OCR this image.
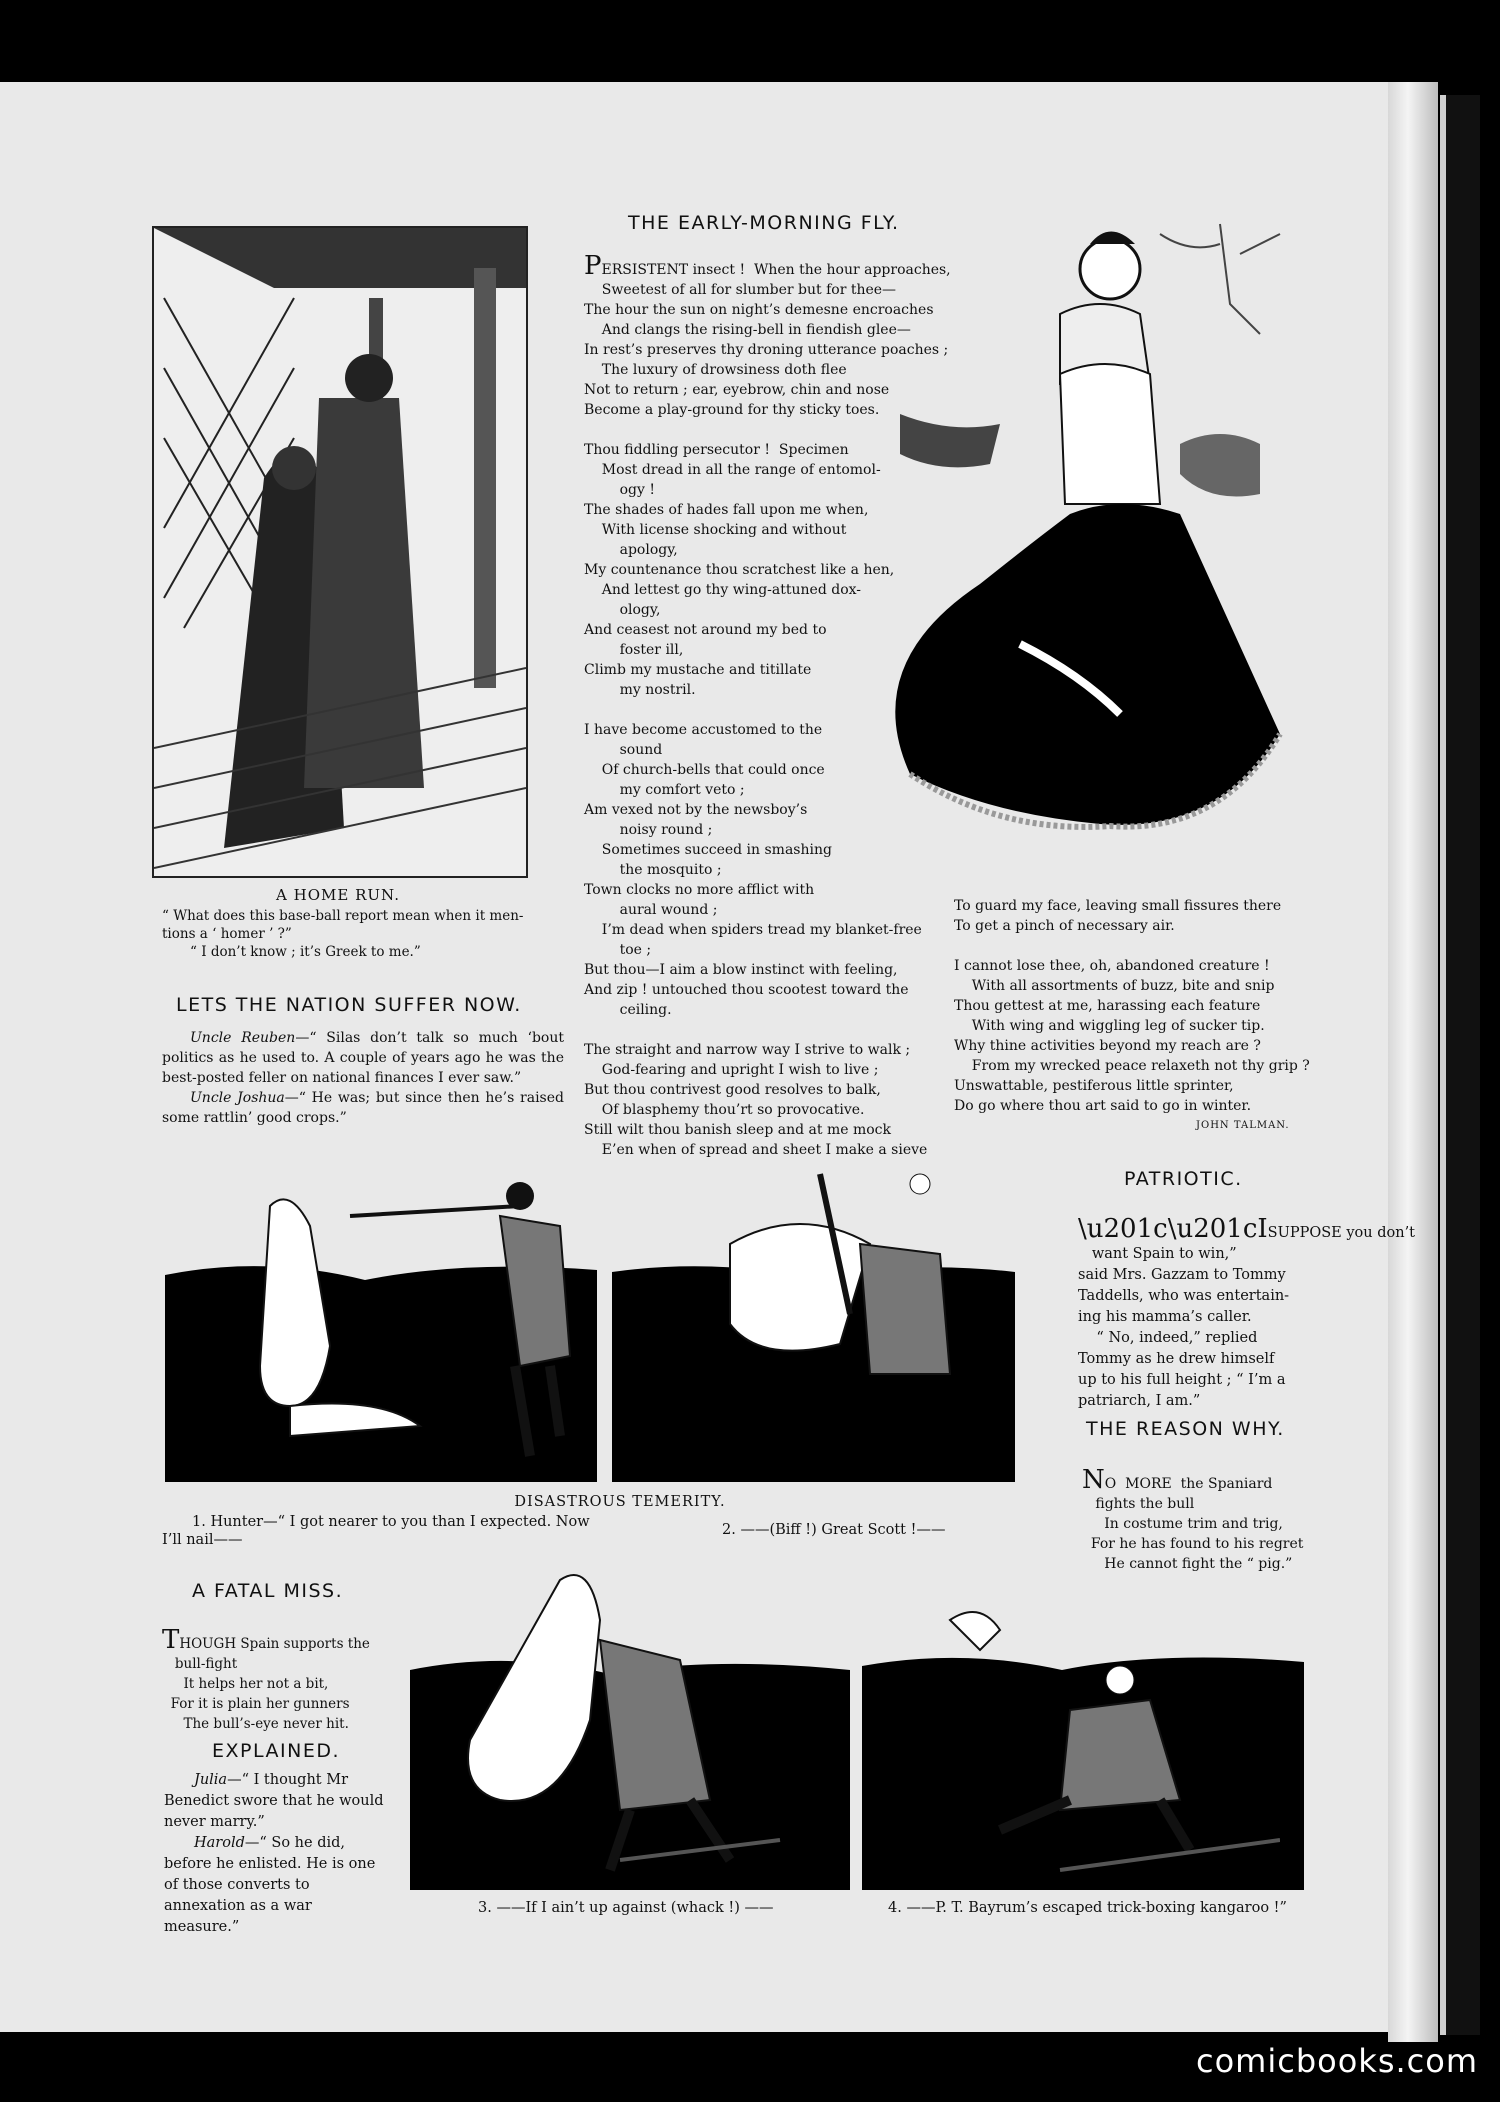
A HOME RUN.
“ What does this base-ball report mean when it men-
tions a ‘ homer ’ ?”
“ I don’t know ; it’s Greek to me.”
LETS THE NATION SUFFER NOW.
Uncle Reuben—“ Silas don’t talk so much ‘bout politics as he used to. A couple of years ago he was the best-posted feller on national finances I ever saw.”
Uncle Joshua—“ He was; but since then he’s raised some rattlin’ good crops.”
THE EARLY-MORNING FLY.

PERSISTENT insect !  When the hour approaches,
Sweetest of all for slumber but for thee—
The hour the sun on night’s demesne encroaches
And clangs the rising-bell in fiendish glee—
In rest’s preserves thy droning utterance poaches ;
The luxury of drowsiness doth flee
Not to return ; ear, eyebrow, chin and nose
Become a play-ground for thy sticky toes.

Thou fiddling persecutor !  Specimen
Most dread in all the range of entomol-
ogy !
The shades of hades fall upon me when,
With license shocking and without
apology,
My countenance thou scratchest like a hen,
And lettest go thy wing-attuned dox-
ology,
And ceasest not around my bed to
foster ill,
Climb my mustache and titillate
my nostril.

I have become accustomed to the
sound
Of church-bells that could once
my comfort veto ;
Am vexed not by the newsboy’s
noisy round ;
Sometimes succeed in smashing
the mosquito ;
Town clocks no more afflict with
aural wound ;
I’m dead when spiders tread my blanket-free
toe ;
But thou—I aim a blow instinct with feeling,
And zip ! untouched thou scootest toward the
ceiling.

The straight and narrow way I strive to walk ;
God-fearing and upright I wish to live ;
But thou contrivest good resolves to balk,
Of blasphemy thou’rt so provocative.
Still wilt thou banish sleep and at me mock
E’en when of spread and sheet I make a sieve
To guard my face, leaving small fissures there
To get a pinch of necessary air.

I cannot lose thee, oh, abandoned creature !
With all assortments of buzz, bite and snip
Thou gettest at me, harassing each feature
With wing and wiggling leg of sucker tip.
Why thine activities beyond my reach are ?
From my wrecked peace relaxeth not thy grip ?
Unswattable, pestiferous little sprinter,
Do go where thou art said to go in winter.
JOHN TALMAN.
DISASTROUS TEMERITY.
1. Hunter—“ I got nearer to you than I expected. Now
I’ll nail——
2. ——(Biff !) Great Scott !——
PATRIOTIC.

\u201c\u201cISUPPOSE you don’t
want Spain to win,”
said Mrs. Gazzam to Tommy
Taddells, who was entertain-
ing his mamma’s caller.
“ No, indeed,” replied
Tommy as he drew himself
up to his full height ; “ I’m a
patriarch, I am.”
THE REASON WHY.

NO  MORE  the Spaniard
fights the bull
In costume trim and trig,
For he has found to his regret
He cannot fight the “ pig.”
A FATAL MISS.

THOUGH Spain supports the
bull-fight
It helps her not a bit,
For it is plain her gunners
The bull’s-eye never hit.
EXPLAINED.
Julia—“ I thought Mr Benedict swore that he would never marry.”
Harold—“ So he did, before he enlisted. He is one of those converts to annexation as a war measure.”
3. ——If I ain’t up against (whack !) ——	4. ——P. T. Bayrum’s escaped trick-boxing kangaroo !”
comicbooks.com
